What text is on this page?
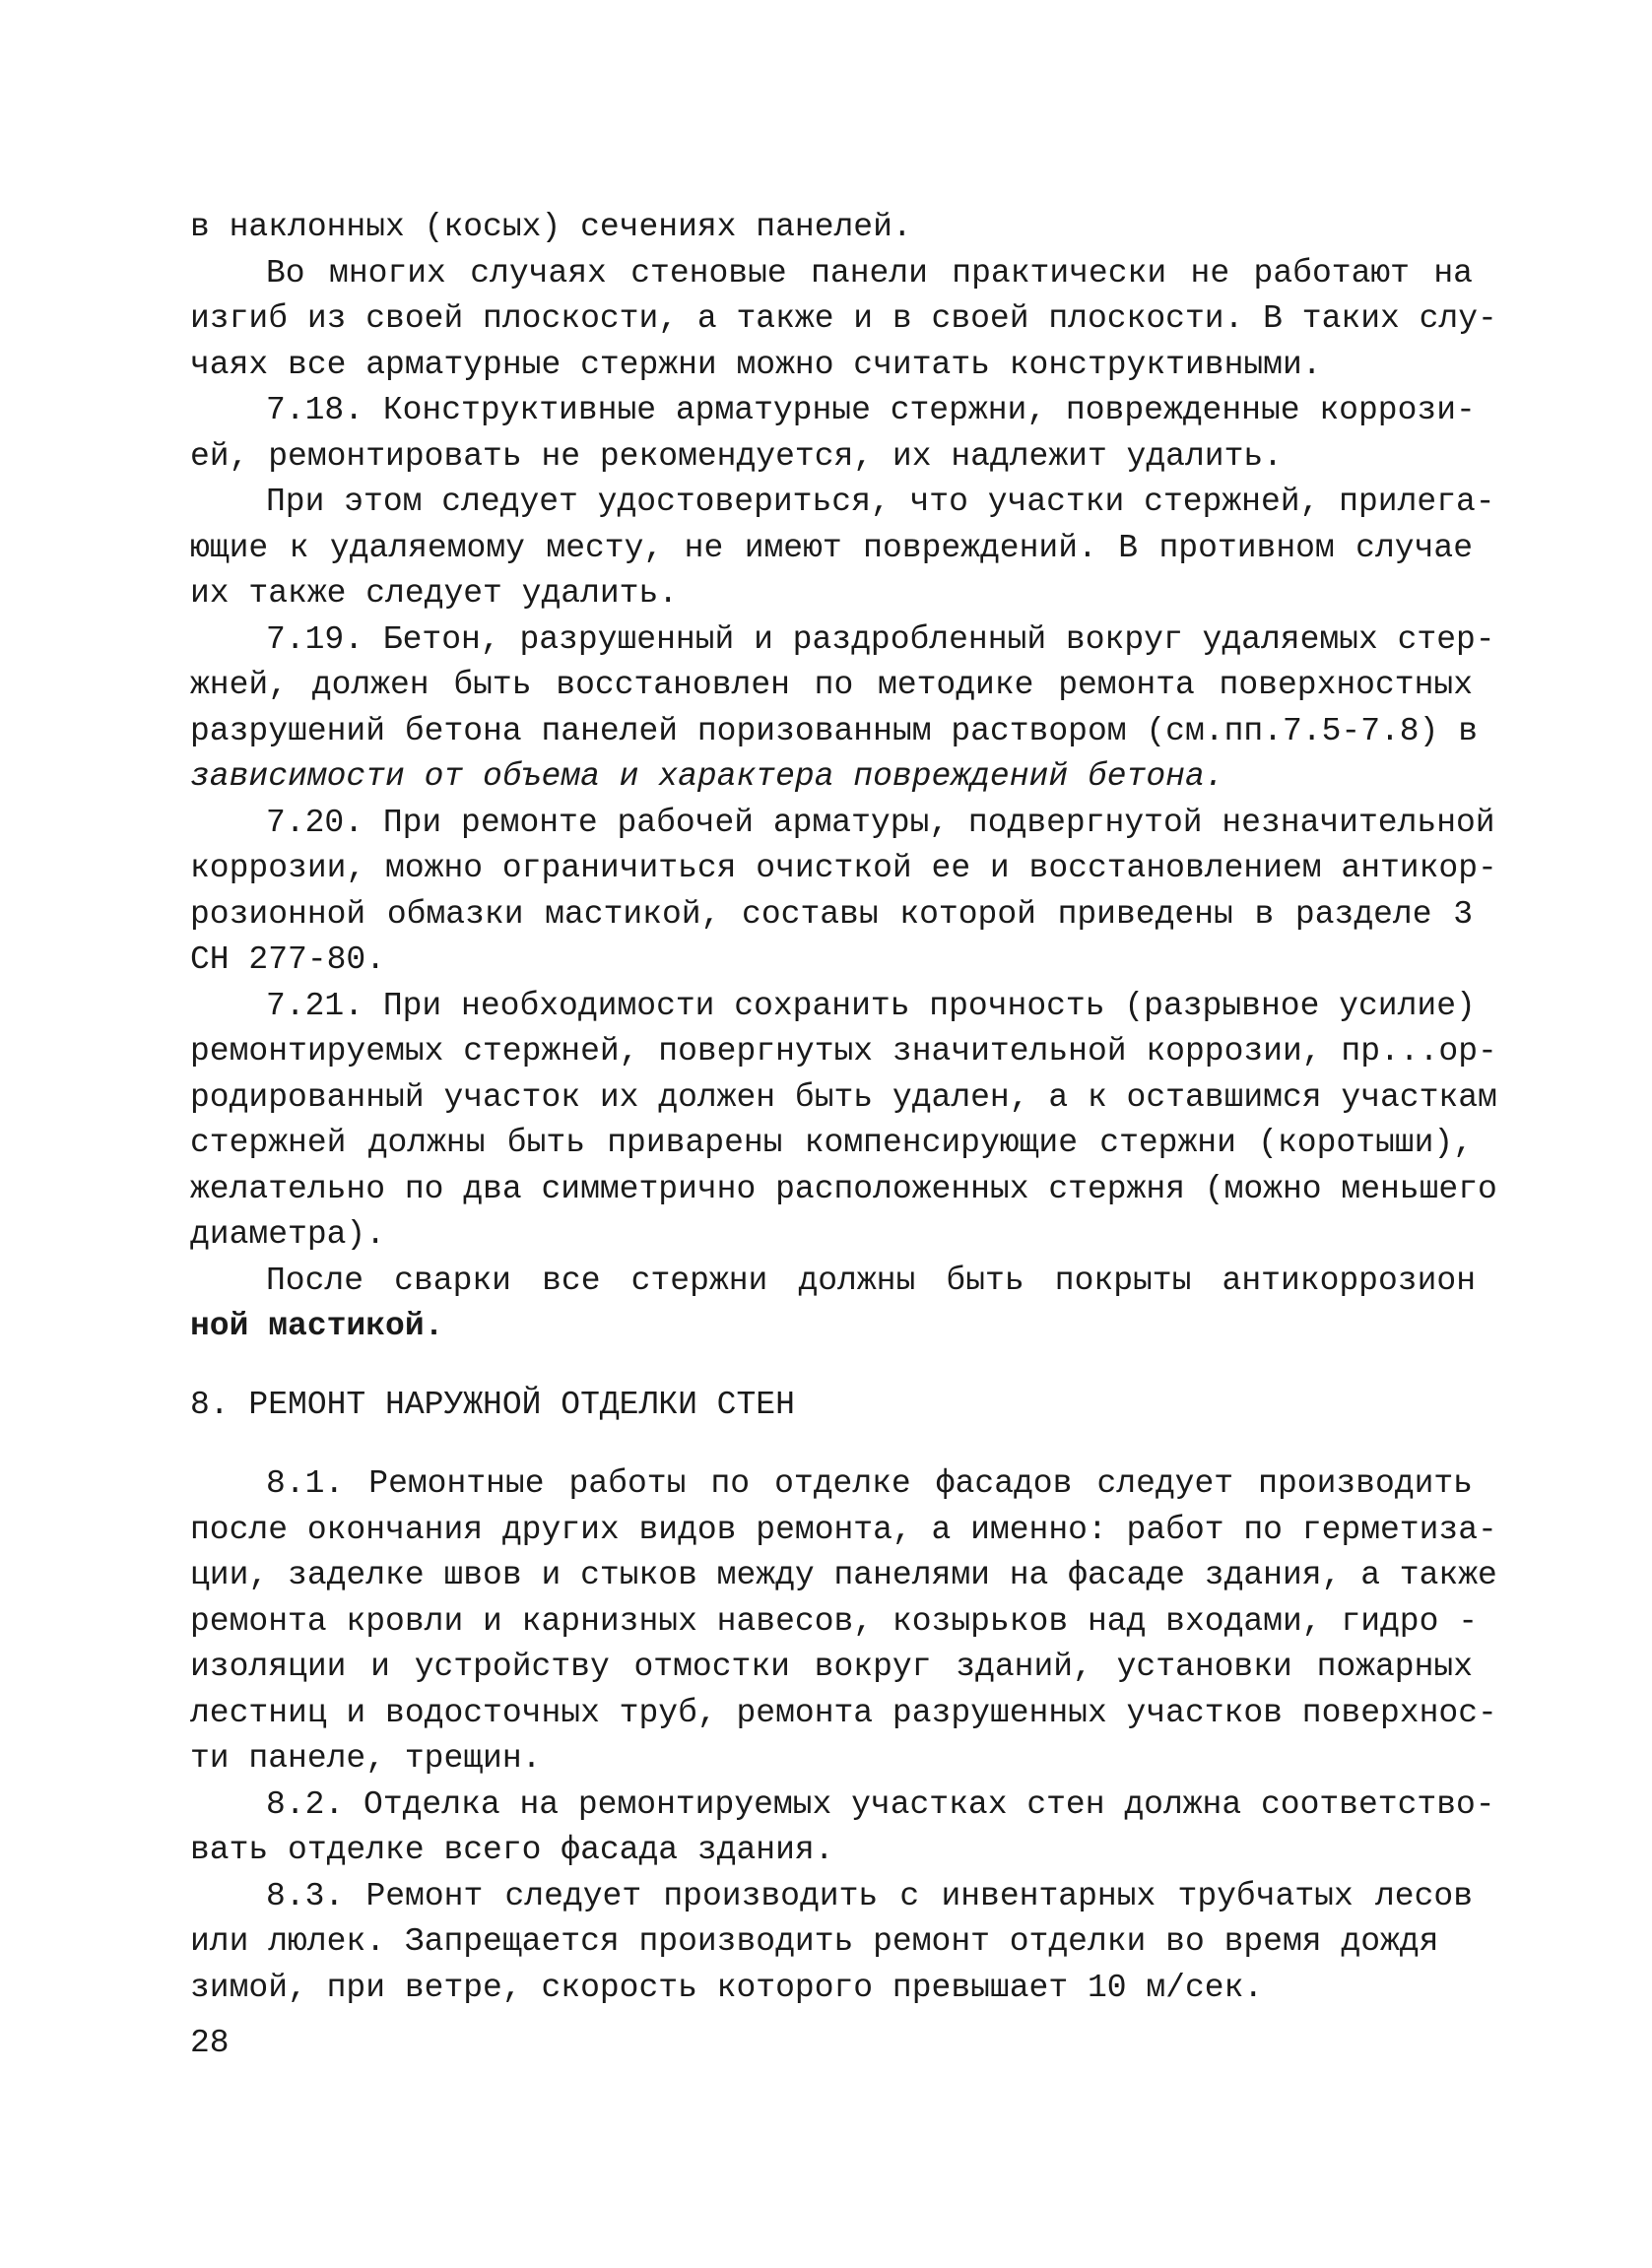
в наклонных (косых) сечениях панелей.
Во многих случаях стеновые панели практически не работают на
изгиб из своей плоскости, а также и в своей плоскости. В таких слу-
чаях все арматурные стержни можно считать конструктивными.
7.18. Конструктивные арматурные стержни, поврежденные коррози-
ей, ремонтировать не рекомендуется, их надлежит удалить.
При этом следует удостовериться, что участки стержней, прилега-
ющие к удаляемому месту, не имеют повреждений. В противном случае
их также следует удалить.
7.19. Бетон, разрушенный и раздробленный вокруг удаляемых стер-
жней, должен быть восстановлен по методике ремонта поверхностных
разрушений бетона панелей поризованным раствором (см.пп.7.5-7.8) в
зависимости от объема и характера повреждений бетона.
7.20. При ремонте рабочей арматуры, подвергнутой незначительной
коррозии, можно ограничиться очисткой ее и восстановлением антикор-
розионной обмазки мастикой, составы которой приведены в разделе 3
СН 277-80.
7.21. При необходимости сохранить прочность (разрывное усилие)
ремонтируемых стержней, повергнутых значительной коррозии, пр...ор-
родированный участок их должен быть удален, а к оставшимся участкам
стержней должны быть приварены компенсирующие стержни (коротыши),
желательно по два симметрично расположенных стержня (можно меньшего
диаметра).
После сварки все стержни должны быть покрыты антикоррозион
ной мастикой.
8. РЕМОНТ НАРУЖНОЙ ОТДЕЛКИ СТЕН
8.1. Ремонтные работы по отделке фасадов следует производить
после окончания других видов ремонта, а именно: работ по герметиза-
ции, заделке швов и стыков между панелями на фасаде здания, а также
ремонта кровли и карнизных навесов, козырьков над входами, гидро -
изоляции и устройству отмостки вокруг зданий, установки пожарных
лестниц и водосточных труб, ремонта разрушенных участков поверхнос-
ти панеле, трещин.
8.2. Отделка на ремонтируемых участках стен должна соответство-
вать отделке всего фасада здания.
8.3. Ремонт следует производить с инвентарных трубчатых лесов
или люлек. Запрещается производить ремонт отделки во время дождя
зимой, при ветре, скорость которого превышает 10 м/сек.
28
